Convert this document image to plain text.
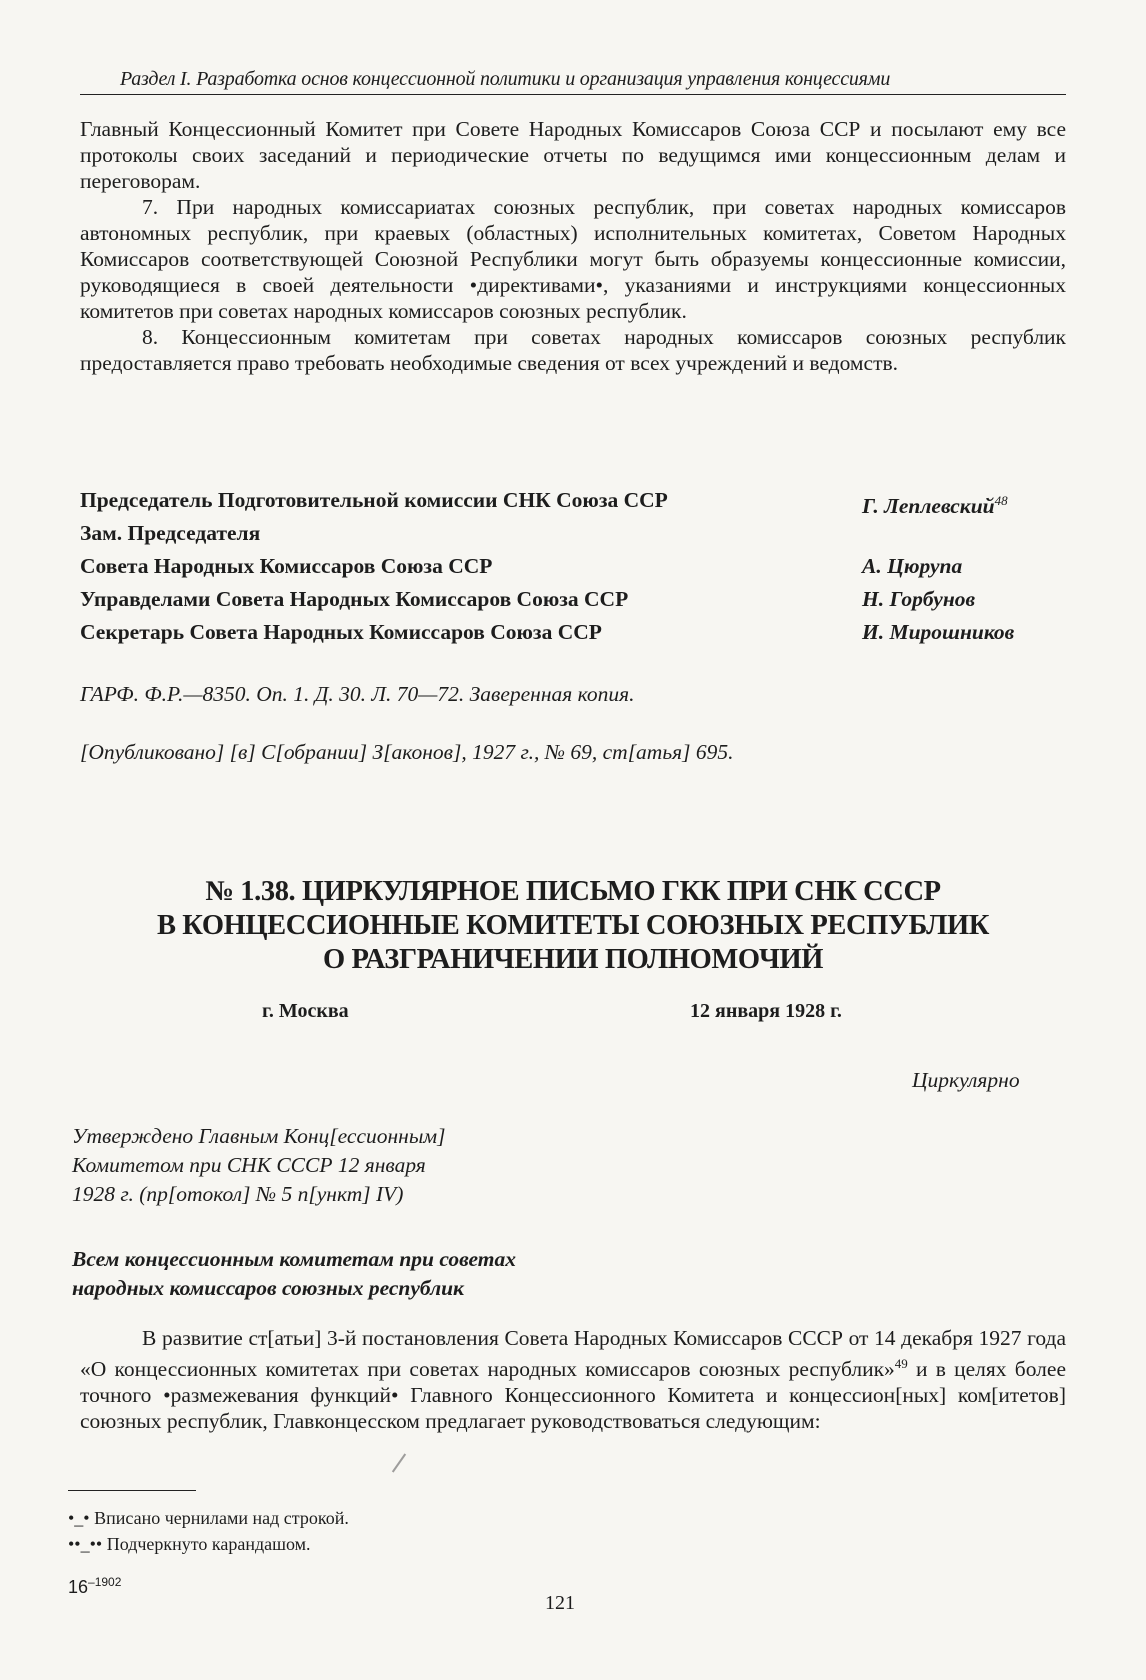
Раздел I. Разработка основ концессионной политики и организация управления концессиями

Главный Концессионный Комитет при Совете Народных Комиссаров Союза ССР и посылают ему все протоколы своих заседаний и периодические отчеты по ведущимся ими концессионным делам и переговорам.

7. При народных комиссариатах союзных республик, при советах народных комиссаров автономных республик, при краевых (областных) исполнительных комитетах, Советом Народных Комиссаров соответствующей Союзной Республики могут быть образуемы концессионные комиссии, руководящиеся в своей деятельности •директивами•, указаниями и инструкциями концессионных комитетов при советах народных комиссаров союзных республик.

8. Концессионным комитетам при советах народных комиссаров союзных республик предоставляется право требовать необходимые сведения от всех учреждений и ведомств.

Председатель Подготовительной комиссии СНК Союза ССР	Г. Леплевский$^{48}$
Зам. Председателя
Совета Народных Комиссаров Союза ССР	А. Цюрупа
Управделами Совета Народных Комиссаров Союза ССР	Н. Горбунов
Секретарь Совета Народных Комиссаров Союза ССР	И. Мирошников
ГАРФ. Ф.Р.—8350. Оп. 1. Д. 30. Л. 70—72. Заверенная копия.
[Опубликовано] [в] С[обрании] З[аконов], 1927 г., № 69, ст[атья] 695.
№ 1.38. ЦИРКУЛЯРНОЕ ПИСЬМО ГКК ПРИ СНК СССР
В КОНЦЕССИОННЫЕ КОМИТЕТЫ СОЮЗНЫХ РЕСПУБЛИК
О РАЗГРАНИЧЕНИИ ПОЛНОМОЧИЙ
г. Москва	12 января 1928 г.
Циркулярно
Утверждено Главным Конц[ессионным]
Комитетом при СНК СССР 12 января
1928 г. (пр[отокол] № 5 п[ункт] IV)
Всем концессионным комитетам при советах
народных комиссаров союзных республик

В развитие ст[атьи] 3-й постановления Совета Народных Комиссаров СССР от 14 декабря 1927 года «О концессионных комитетах при советах народных комиссаров союзных республик»$^{49}$ и в целях более точного •размежевания функций• Главного Концессионного Комитета и концессион[ных] ком[итетов] союзных республик, Главконцесском предлагает руководствоваться следующим:

•_• Вписано чернилами над строкой.
••_•• Подчеркнуто карандашом.
$16^{-1902}$
121
